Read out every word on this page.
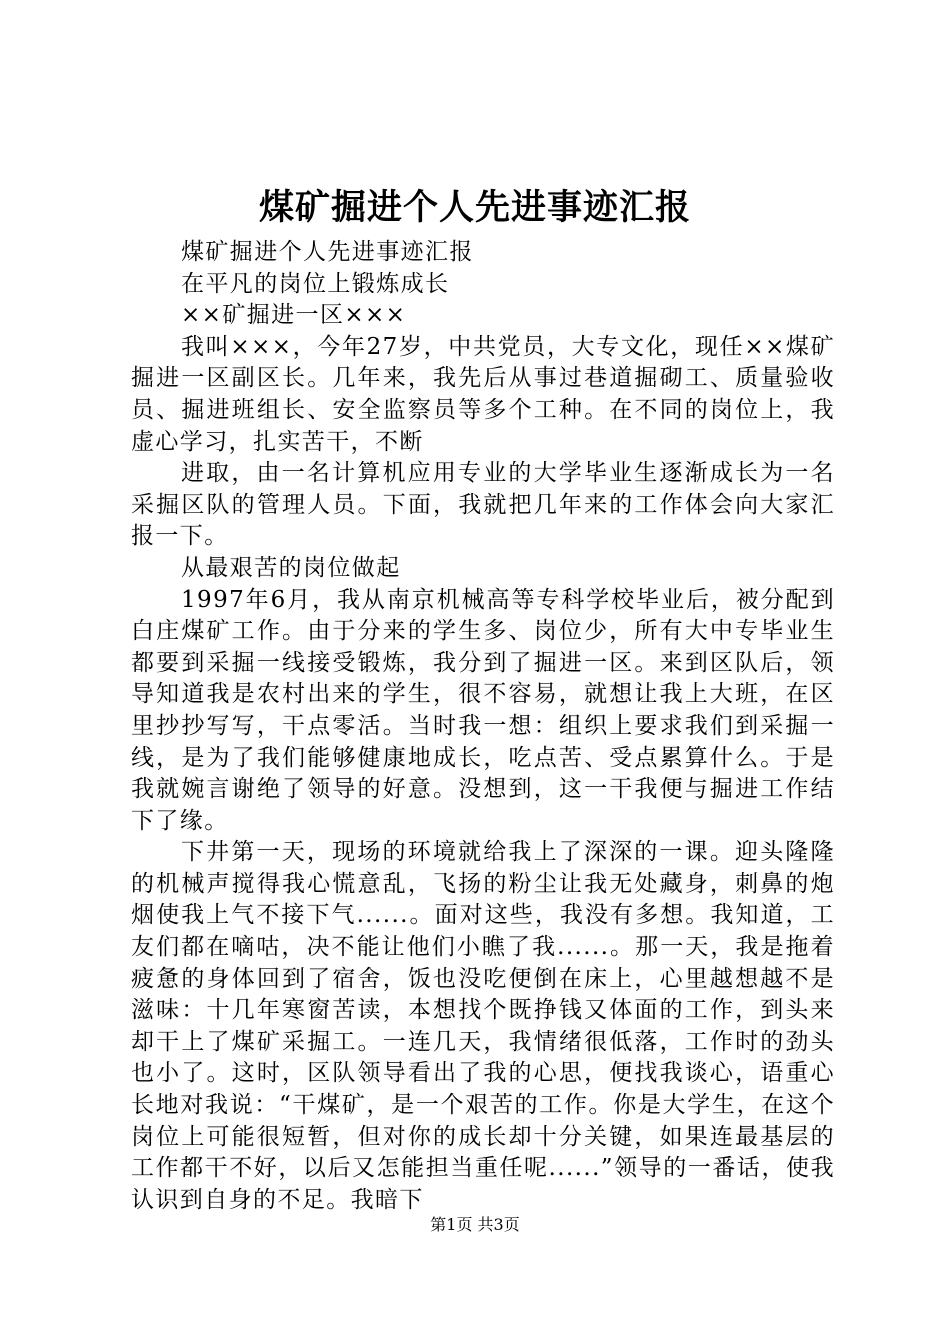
煤矿掘进个人先进事迹汇报

煤矿掘进个人先进事迹汇报

在平凡的岗位上锻炼成长

××矿掘进一区×××

我叫×××，今年27岁，中共党员，大专文化，现任××煤矿掘进一区副区长。几年来，我先后从事过巷道掘砌工、质量验收员、掘进班组长、安全监察员等多个工种。在不同的岗位上，我虚心学习，扎实苦干，不断

进取，由一名计算机应用专业的大学毕业生逐渐成长为一名采掘区队的管理人员。下面，我就把几年来的工作体会向大家汇报一下。

从最艰苦的岗位做起

1997年6月，我从南京机械高等专科学校毕业后，被分配到白庄煤矿工作。由于分来的学生多、岗位少，所有大中专毕业生都要到采掘一线接受锻炼，我分到了掘进一区。来到区队后，领导知道我是农村出来的学生，很不容易，就想让我上大班，在区里抄抄写写，干点零活。当时我一想：组织上要求我们到采掘一线，是为了我们能够健康地成长，吃点苦、受点累算什么。于是我就婉言谢绝了领导的好意。没想到，这一干我便与掘进工作结下了缘。

下井第一天，现场的环境就给我上了深深的一课。迎头隆隆的机械声搅得我心慌意乱，飞扬的粉尘让我无处藏身，刺鼻的炮烟使我上气不接下气......。面对这些，我没有多想。我知道，工友们都在嘀咕，决不能让他们小瞧了我......。那一天，我是拖着疲惫的身体回到了宿舍，饭也没吃便倒在床上，心里越想越不是滋味：十几年寒窗苦读，本想找个既挣钱又体面的工作，到头来却干上了煤矿采掘工。一连几天，我情绪很低落，工作时的劲头也小了。这时，区队领导看出了我的心思，便找我谈心，语重心长地对我说：“干煤矿，是一个艰苦的工作。你是大学生，在这个岗位上可能很短暂，但对你的成长却十分关键，如果连最基层的工作都干不好，以后又怎能担当重任呢......”领导的一番话，使我认识到自身的不足。我暗下

第1页 共3页
